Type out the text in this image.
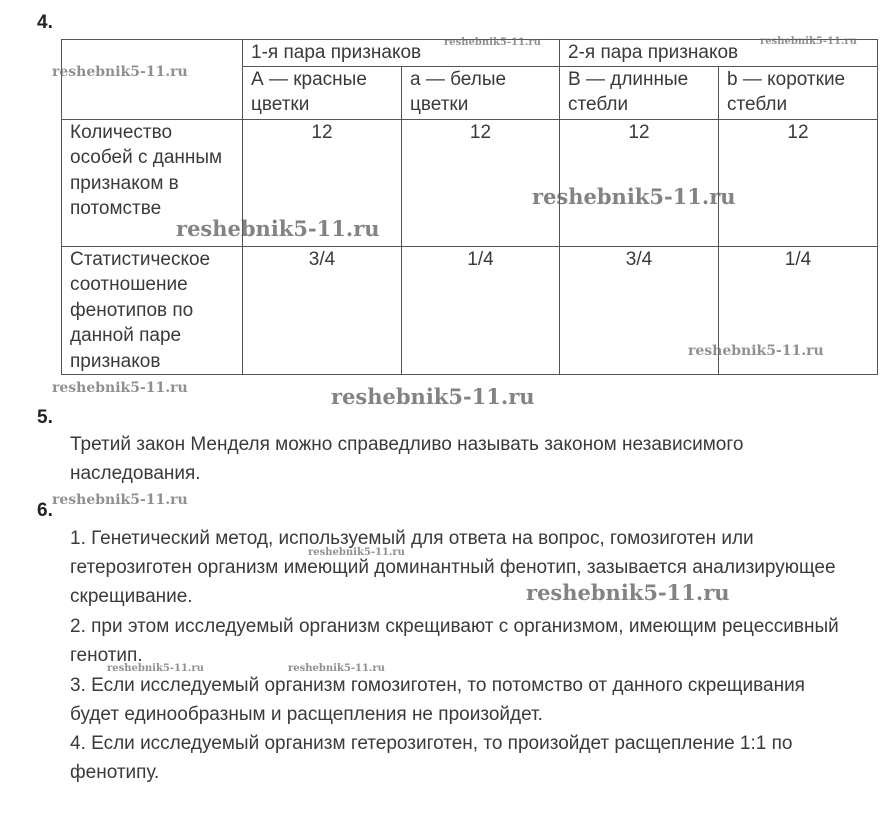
4.
	1-я пара признаков		2-я пара признаков	
	А — красные цветки	а — белые цветки	В — длинные стебли	b — короткие стебли
Количество особей с данным признаком в потомстве	12	12	12	12
Статистическое соотношение фенотипов по данной паре признаков	3/4	1/4	3/4	1/4
5.

Третий закон Менделя можно справедливо называть законом независимого наследования.

6.

1. Генетический метод, используемый для ответа на вопрос, гомозиготен или гетерозиготен организм имеющий доминантный фенотип, зазывается анализирующее скрещивание.

2. при этом исследуемый организм скрещивают с организмом, имеющим рецессивный генотип.

3. Если исследуемый организм гомозиготен, то потомство от данного скрещивания будет единообразным и расщепления не произойдет.

4. Если исследуемый организм гетерозиготен, то произойдет расщепление 1:1 по фенотипу.

reshebnik5-11.ru
reshebnik5-11.ru	reshebnik5-11.ru
reshebnik5-11.ru
reshebnik5-11.ru
reshebnik5-11.ru
reshebnik5-11.ru	reshebnik5-11.ru
reshebnik5-11.ru
reshebnik5-11.ru
reshebnik5-11.ru
reshebnik5-11.ru	reshebnik5-11.ru
